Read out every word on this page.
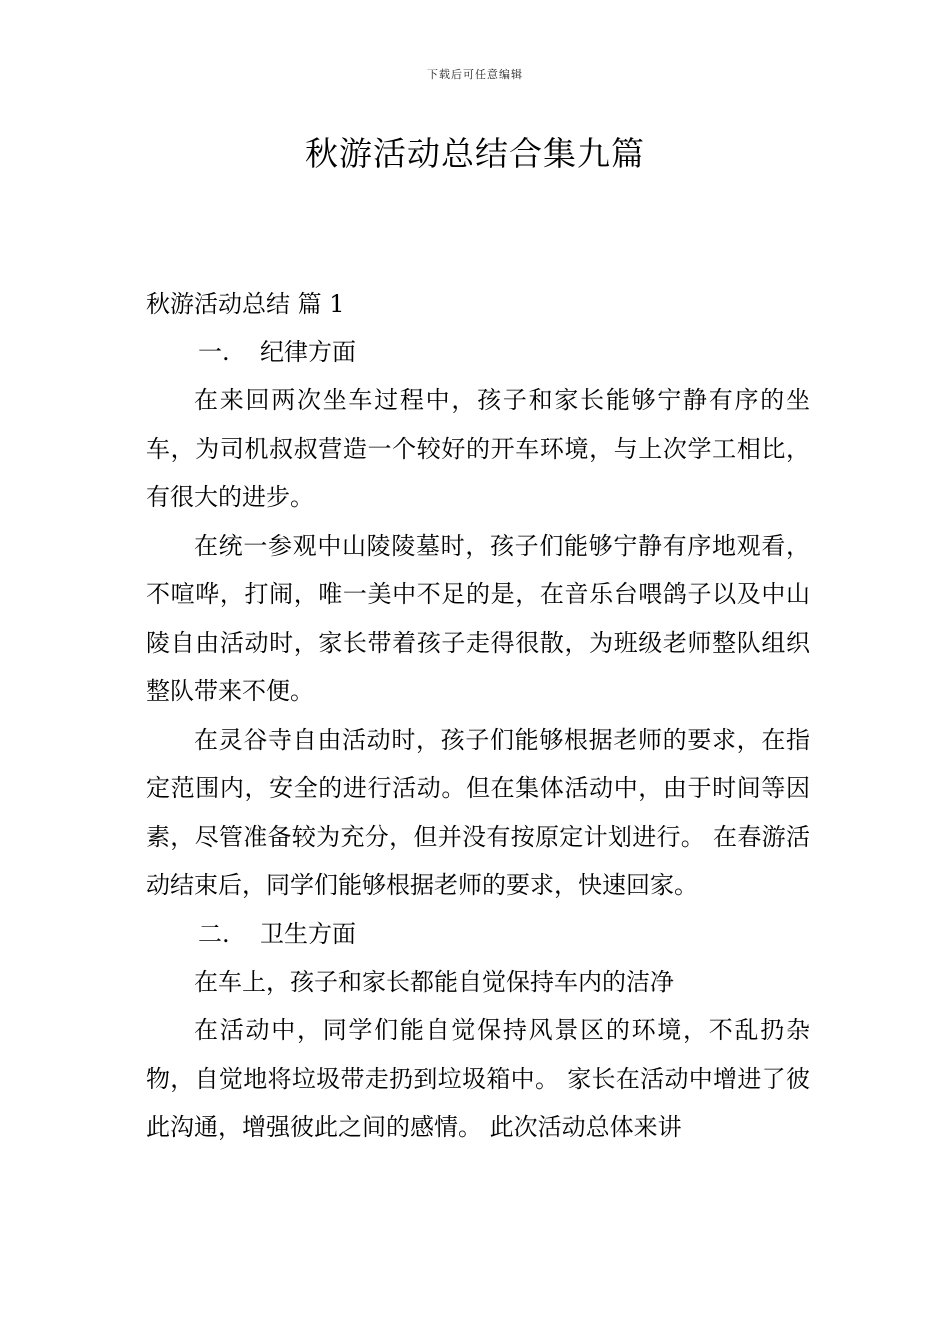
下载后可任意编辑
秋游活动总结合集九篇
秋游活动总结 篇 1
一. 纪律方面

在来回两次坐车过程中，孩子和家长能够宁静有序的坐车，为司机叔叔营造一个较好的开车环境，与上次学工相比，有很大的进步。

在统一参观中山陵陵墓时，孩子们能够宁静有序地观看，不喧哗，打闹，唯一美中不足的是，在音乐台喂鸽子以及中山陵自由活动时，家长带着孩子走得很散，为班级老师整队组织整队带来不便。

在灵谷寺自由活动时，孩子们能够根据老师的要求，在指定范围内，安全的进行活动。但在集体活动中，由于时间等因素，尽管准备较为充分，但并没有按原定计划进行。 在春游活动结束后，同学们能够根据老师的要求，快速回家。

二. 卫生方面

在车上，孩子和家长都能自觉保持车内的洁净

在活动中，同学们能自觉保持风景区的环境，不乱扔杂物，自觉地将垃圾带走扔到垃圾箱中。 家长在活动中增进了彼此沟通，增强彼此之间的感情。 此次活动总体来讲
